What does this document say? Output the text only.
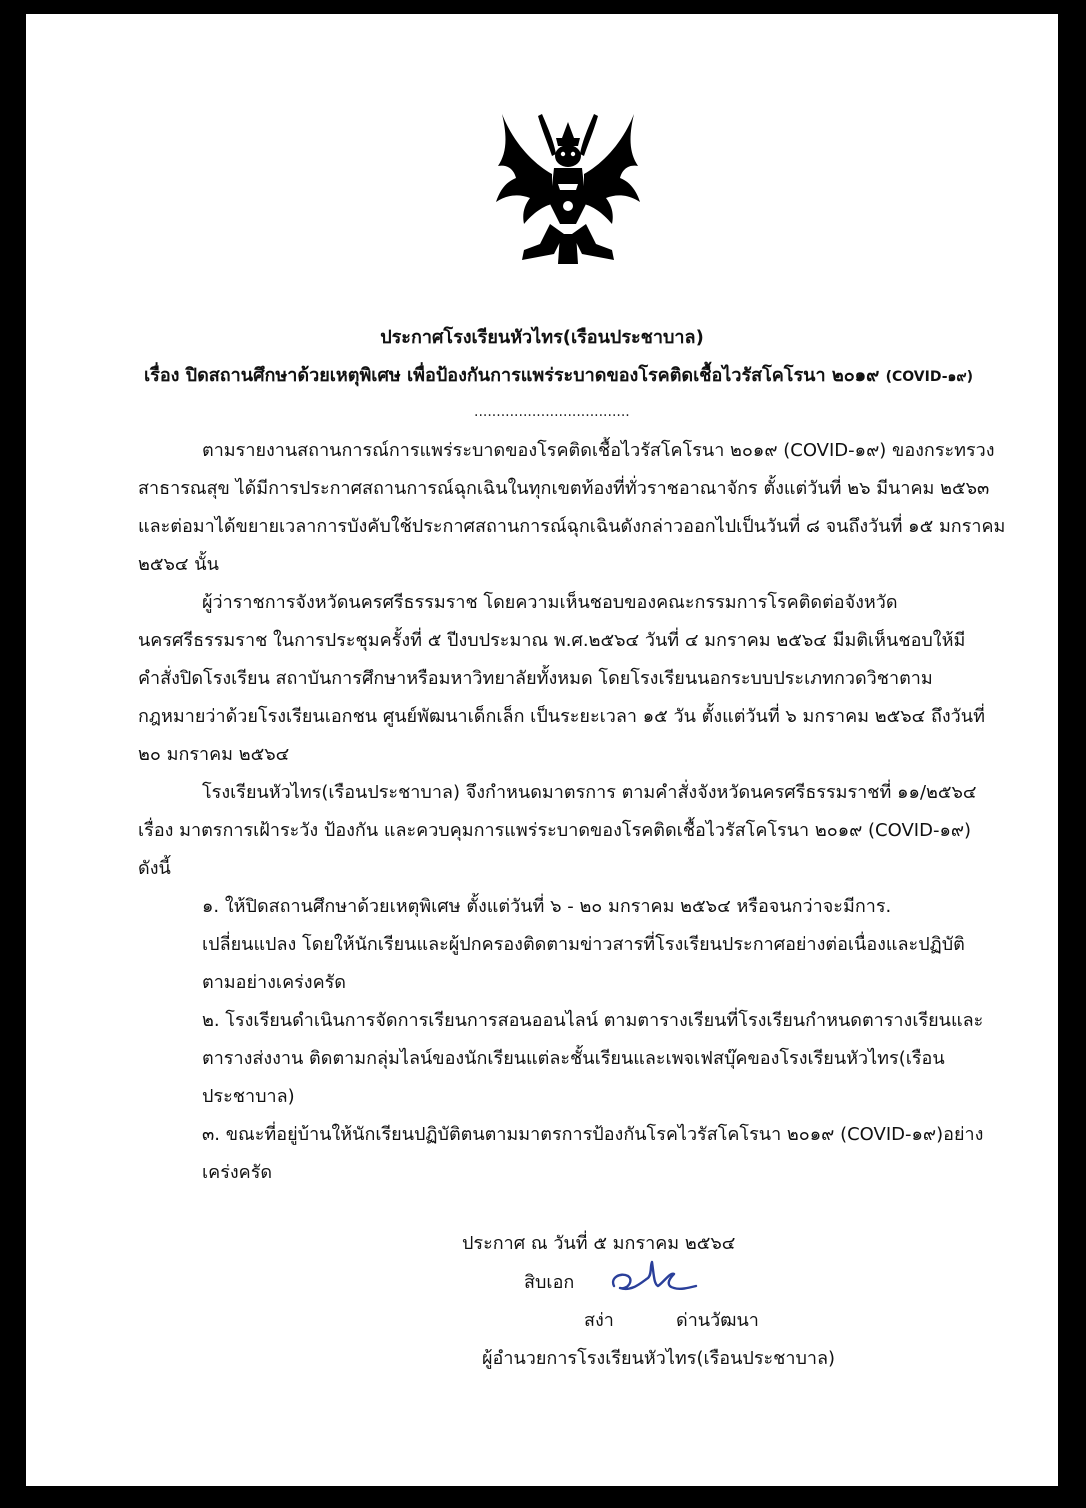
ประกาศโรงเรียนหัวไทร(เรือนประชาบาล)
เรื่อง ปิดสถานศึกษาด้วยเหตุพิเศษ เพื่อป้องกันการแพร่ระบาดของโรคติดเชื้อไวรัสโคโรนา ๒๐๑๙ (COVID-๑๙)
...................................
ตามรายงานสถานการณ์การแพร่ระบาดของโรคติดเชื้อไวรัสโคโรนา ๒๐๑๙ (COVID-๑๙) ของกระทรวง
สาธารณสุข ได้มีการประกาศสถานการณ์ฉุกเฉินในทุกเขตท้องที่ทั่วราชอาณาจักร ตั้งแต่วันที่ ๒๖ มีนาคม ๒๕๖๓
และต่อมาได้ขยายเวลาการบังคับใช้ประกาศสถานการณ์ฉุกเฉินดังกล่าวออกไปเป็นวันที่ ๘ จนถึงวันที่ ๑๕ มกราคม
๒๕๖๔ นั้น
ผู้ว่าราชการจังหวัดนครศรีธรรมราช โดยความเห็นชอบของคณะกรรมการโรคติดต่อจังหวัด
นครศรีธรรมราช ในการประชุมครั้งที่ ๕ ปีงบประมาณ พ.ศ.๒๕๖๔ วันที่ ๔ มกราคม ๒๕๖๔ มีมติเห็นชอบให้มี
คำสั่งปิดโรงเรียน สถาบันการศึกษาหรือมหาวิทยาลัยทั้งหมด โดยโรงเรียนนอกระบบประเภทกวดวิชาตาม
กฎหมายว่าด้วยโรงเรียนเอกชน ศูนย์พัฒนาเด็กเล็ก เป็นระยะเวลา ๑๕ วัน ตั้งแต่วันที่ ๖ มกราคม ๒๕๖๔ ถึงวันที่
๒๐ มกราคม ๒๕๖๔
โรงเรียนหัวไทร(เรือนประชาบาล) จึงกำหนดมาตรการ ตามคำสั่งจังหวัดนครศรีธรรมราชที่ ๑๑/๒๕๖๔
เรื่อง มาตรการเฝ้าระวัง ป้องกัน และควบคุมการแพร่ระบาดของโรคติดเชื้อไวรัสโคโรนา ๒๐๑๙ (COVID-๑๙)
ดังนี้
๑. ให้ปิดสถานศึกษาด้วยเหตุพิเศษ ตั้งแต่วันที่ ๖ - ๒๐ มกราคม ๒๕๖๔ หรือจนกว่าจะมีการ.
เปลี่ยนแปลง โดยให้นักเรียนและผู้ปกครองติดตามข่าวสารที่โรงเรียนประกาศอย่างต่อเนื่องและปฏิบัติ
ตามอย่างเคร่งครัด
๒. โรงเรียนดำเนินการจัดการเรียนการสอนออนไลน์ ตามตารางเรียนที่โรงเรียนกำหนดตารางเรียนและ
ตารางส่งงาน ติดตามกลุ่มไลน์ของนักเรียนแต่ละชั้นเรียนและเพจเฟสบุ๊คของโรงเรียนหัวไทร(เรือน
ประชาบาล)
๓. ขณะที่อยู่บ้านให้นักเรียนปฏิบัติตนตามมาตรการป้องกันโรคไวรัสโคโรนา ๒๐๑๙ (COVID-๑๙)อย่าง
เคร่งครัด
ประกาศ ณ วันที่ ๕ มกราคม ๒๕๖๔
สิบเอก
สง่า	ด่านวัฒนา
ผู้อำนวยการโรงเรียนหัวไทร(เรือนประชาบาล)
